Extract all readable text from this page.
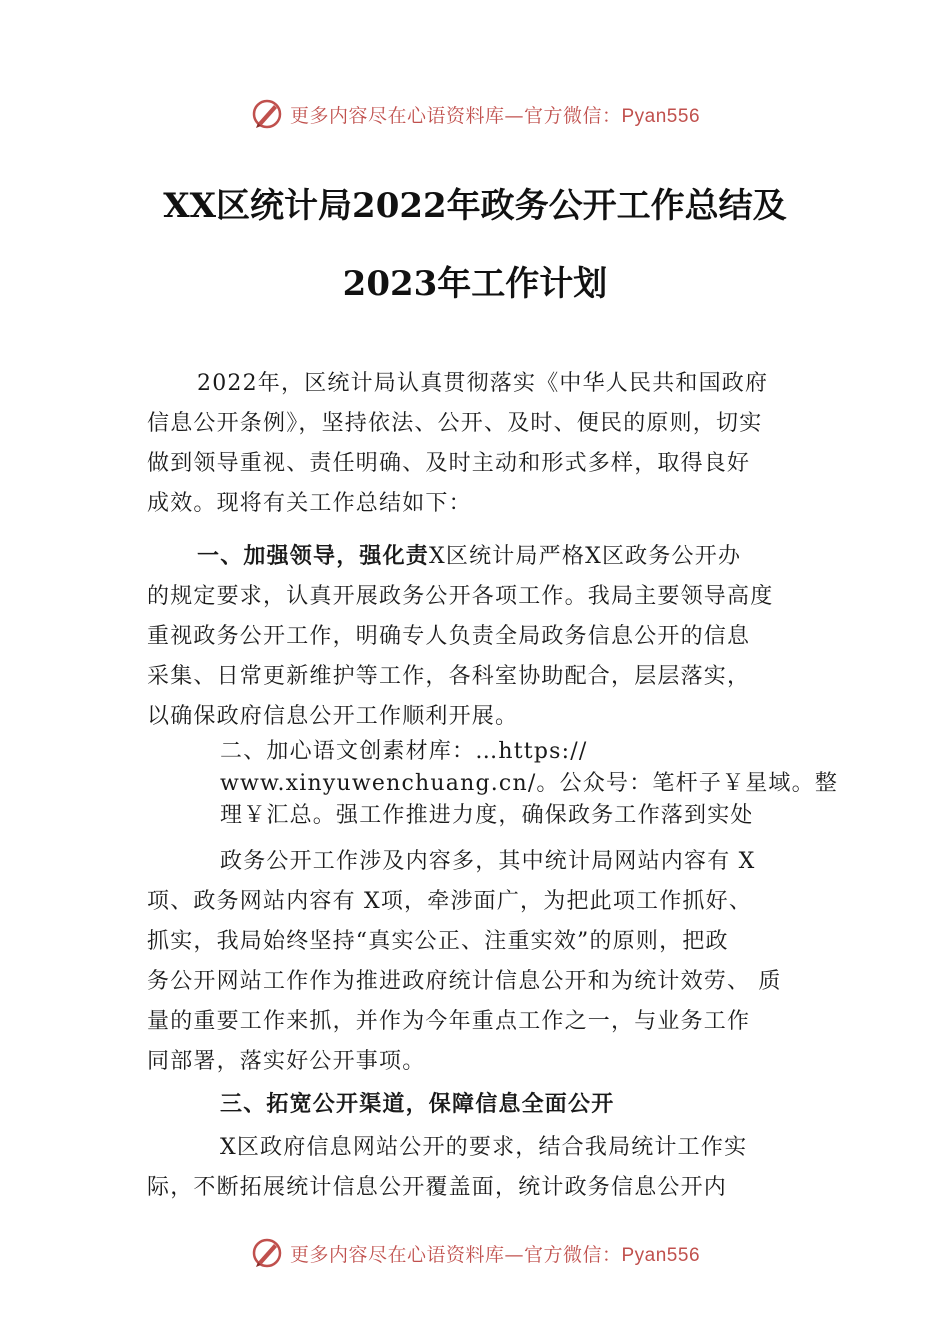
更多内容尽在心语资料库—官方微信：Pyan556
XX区统计局2022年政务公开工作总结及
2023年工作计划
2022年，区统计局认真贯彻落实《中华人民共和国政府
信息公开条例》，坚持依法、公开、及时、便民的原则，切实
做到领导重视、责任明确、及时主动和形式多样，取得良好
成效。现将有关工作总结如下：
一、加强领导，强化责X区统计局严格X区政务公开办
的规定要求，认真开展政务公开各项工作。我局主要领导高度
重视政务公开工作，明确专人负责全局政务信息公开的信息
采集、日常更新维护等工作，各科室协助配合，层层落实，
以确保政府信息公开工作顺利开展。
二、加心语文创素材库：…https://
www.xinyuwenchuang.cn/。公众号：笔杆子￥星域。整
理￥汇总。强工作推进力度，确保政务工作落到实处
政务公开工作涉及内容多，其中统计局网站内容有 X
项、政务网站内容有 X项，牵涉面广，为把此项工作抓好、
抓实，我局始终坚持“真实公正、注重实效”的原则，把政
务公开网站工作作为推进政府统计信息公开和为统计效劳、 质
量的重要工作来抓，并作为今年重点工作之一，与业务工作
同部署，落实好公开事项。
三、拓宽公开渠道，保障信息全面公开
X区政府信息网站公开的要求，结合我局统计工作实
际，不断拓展统计信息公开覆盖面，统计政务信息公开内
更多内容尽在心语资料库—官方微信：Pyan556
